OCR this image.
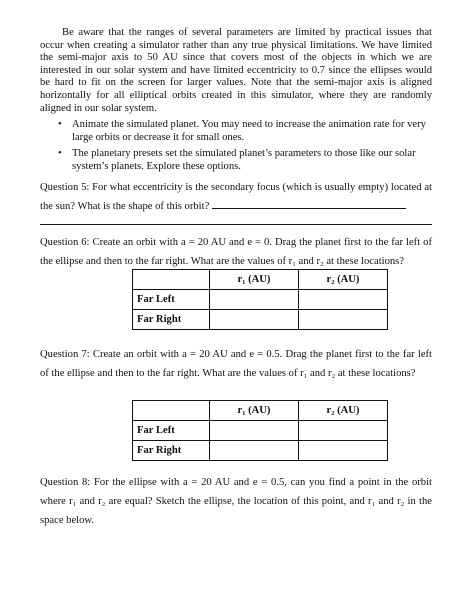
Be aware that the ranges of several parameters are limited by practical issues that occur when creating a simulator rather than any true physical limitations. We have limited the semi-major axis to 50 AU since that covers most of the objects in which we are interested in our solar system and have limited eccentricity to 0.7 since the ellipses would be hard to fit on the screen for larger values. Note that the semi-major axis is aligned horizontally for all elliptical orbits created in this simulator, where they are randomly aligned in our solar system.
• Animate the simulated planet. You may need to increase the animation rate for very large orbits or decrease it for small ones.
• The planetary presets set the simulated planet’s parameters to those like our solar system’s planets. Explore these options.
Question 5: For what eccentricity is the secondary focus (which is usually empty) located at the sun? What is the shape of this orbit?
Question 6: Create an orbit with a = 20 AU and e = 0. Drag the planet first to the far left of the ellipse and then to the far right. What are the values of r₁ and r₂ at these locations?
	r₁ (AU)	r₂ (AU)
Far Left		
Far Right		
Question 7: Create an orbit with a = 20 AU and e = 0.5. Drag the planet first to the far left of the ellipse and then to the far right. What are the values of r₁ and r₂ at these locations?
	r₁ (AU)	r₂ (AU)
Far Left		
Far Right		
Question 8: For the ellipse with a = 20 AU and e = 0.5, can you find a point in the orbit where r₁ and r₂ are equal? Sketch the ellipse, the location of this point, and r₁ and r₂ in the space below.
